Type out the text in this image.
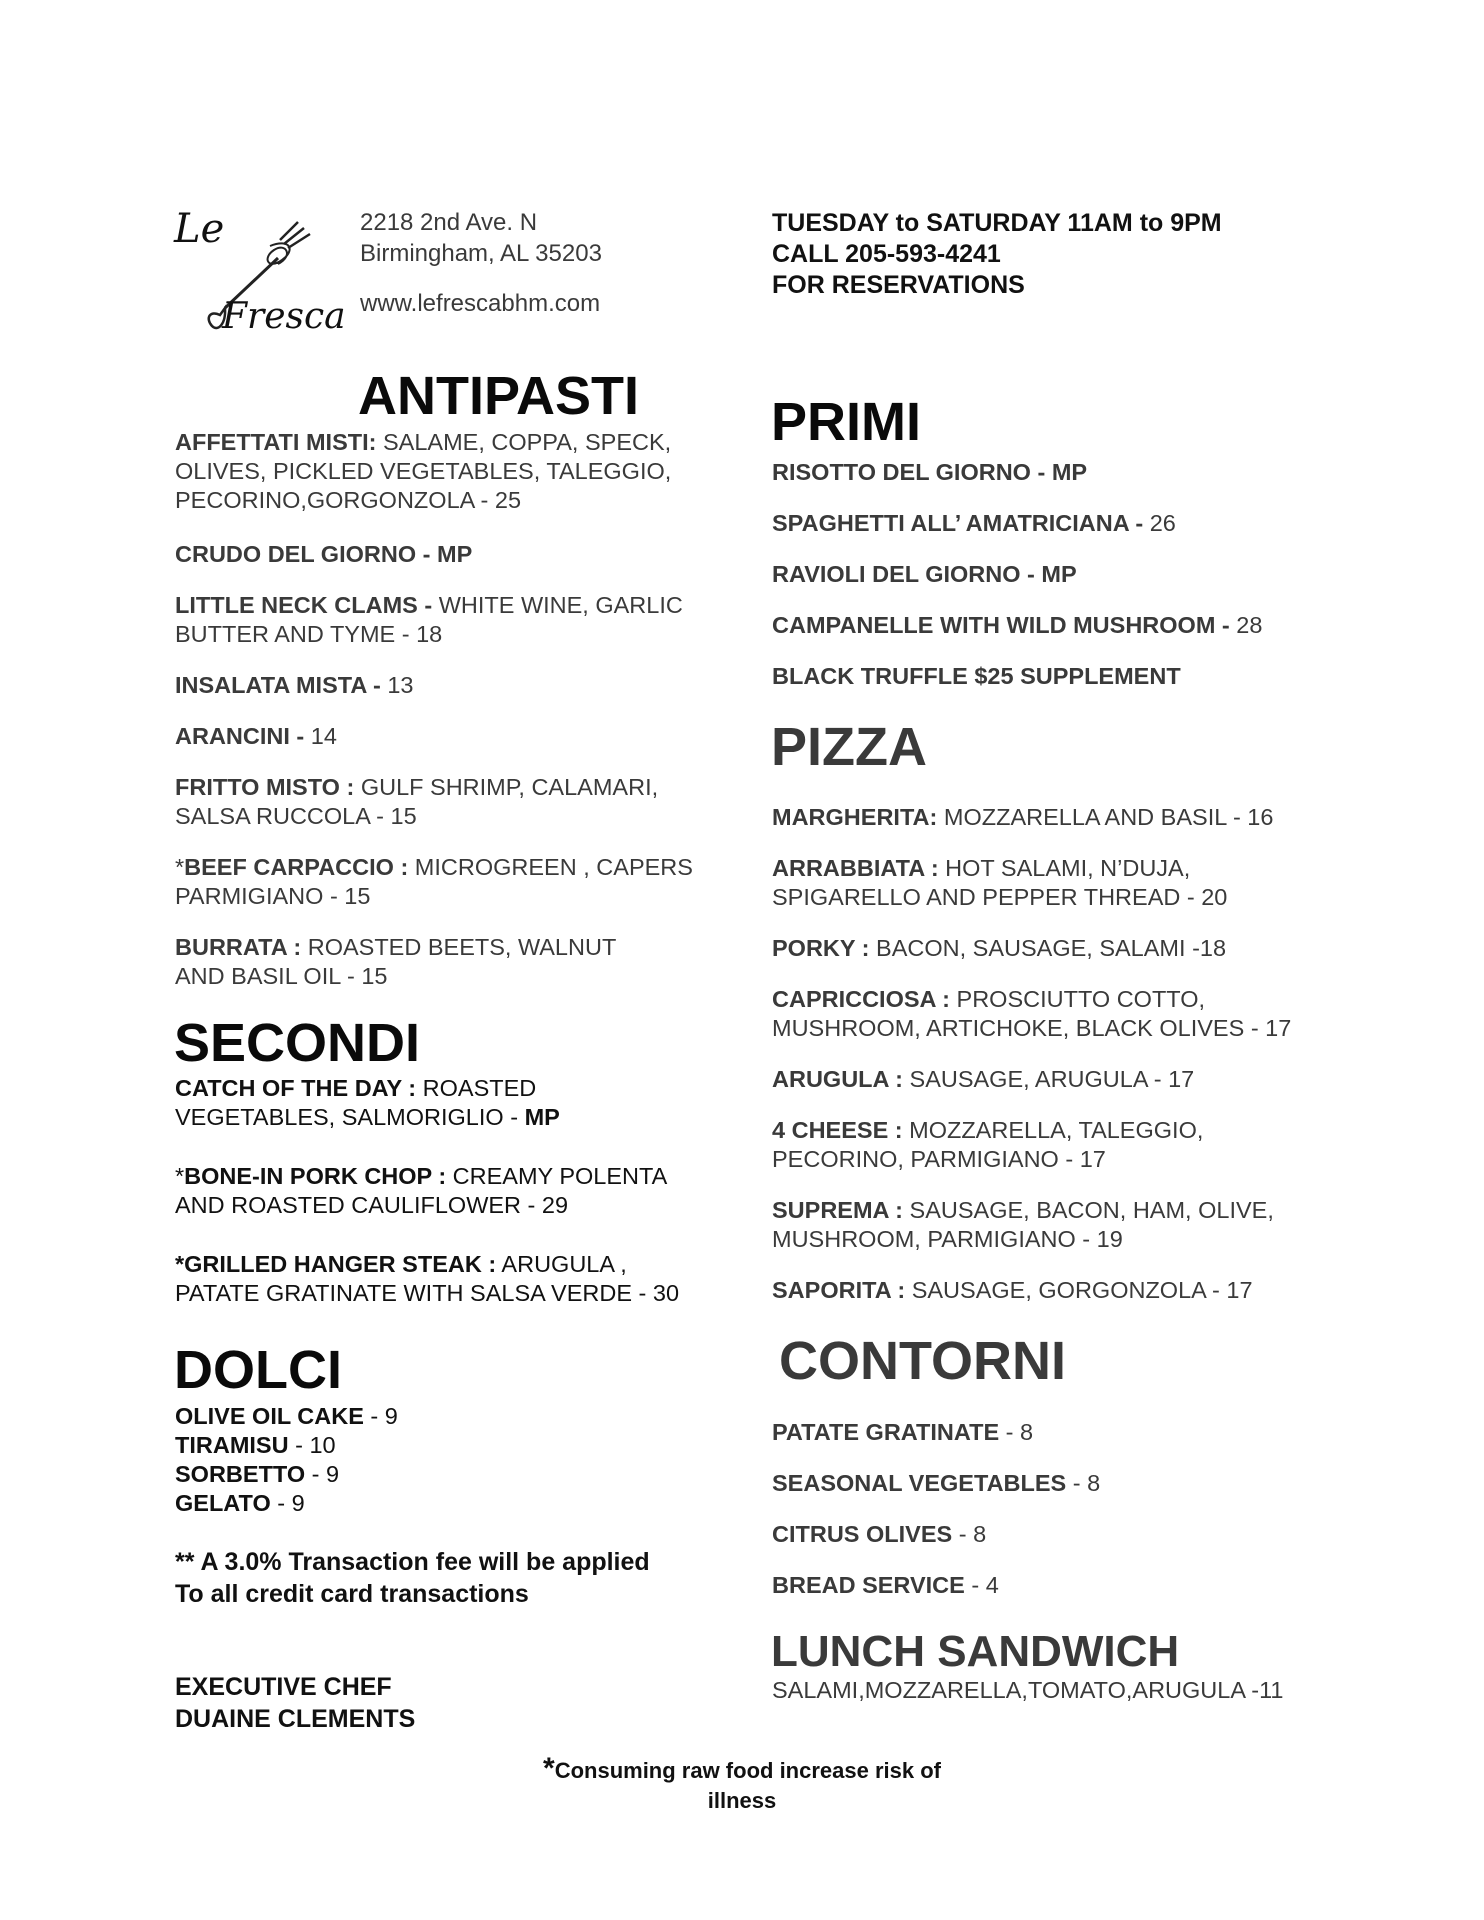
Le
Fresca
2218 2nd Ave. N
Birmingham, AL 35203
www.lefrescabhm.com
TUESDAY to SATURDAY 11AM to 9PM
CALL 205-593-4241
FOR RESERVATIONS
ANTIPASTI
AFFETTATI MISTI: SALAME, COPPA, SPECK,
OLIVES, PICKLED VEGETABLES, TALEGGIO,
PECORINO,GORGONZOLA - 25
CRUDO DEL GIORNO - MP
LITTLE NECK CLAMS - WHITE WINE, GARLIC
BUTTER AND TYME - 18
INSALATA MISTA - 13
ARANCINI - 14
FRITTO MISTO : GULF SHRIMP, CALAMARI,
SALSA RUCCOLA - 15
*BEEF CARPACCIO : MICROGREEN , CAPERS
PARMIGIANO - 15
BURRATA : ROASTED BEETS, WALNUT
AND BASIL OIL - 15
SECONDI
CATCH OF THE DAY : ROASTED
VEGETABLES, SALMORIGLIO - MP
*BONE-IN PORK CHOP : CREAMY POLENTA
AND ROASTED CAULIFLOWER - 29
*GRILLED HANGER STEAK : ARUGULA ,
PATATE GRATINATE WITH SALSA VERDE - 30
DOLCI
OLIVE OIL CAKE - 9
TIRAMISU - 10
SORBETTO - 9
GELATO - 9
** A 3.0% Transaction fee will be applied
To all credit card transactions
EXECUTIVE CHEF
DUAINE CLEMENTS
PRIMI
RISOTTO DEL GIORNO - MP
SPAGHETTI ALL’ AMATRICIANA - 26
RAVIOLI DEL GIORNO - MP
CAMPANELLE WITH WILD MUSHROOM - 28
BLACK TRUFFLE $25 SUPPLEMENT
PIZZA
MARGHERITA: MOZZARELLA AND BASIL - 16
ARRABBIATA : HOT SALAMI, N’DUJA,
SPIGARELLO AND PEPPER THREAD - 20
PORKY : BACON, SAUSAGE, SALAMI -18
CAPRICCIOSA : PROSCIUTTO COTTO,
MUSHROOM, ARTICHOKE, BLACK OLIVES - 17
ARUGULA : SAUSAGE, ARUGULA - 17
4 CHEESE : MOZZARELLA, TALEGGIO,
PECORINO, PARMIGIANO - 17
SUPREMA : SAUSAGE, BACON, HAM, OLIVE,
MUSHROOM, PARMIGIANO - 19
SAPORITA : SAUSAGE, GORGONZOLA - 17
CONTORNI
PATATE GRATINATE - 8
SEASONAL VEGETABLES - 8
CITRUS OLIVES - 8
BREAD SERVICE - 4
LUNCH SANDWICH
SALAMI,MOZZARELLA,TOMATO,ARUGULA -11
*Consuming raw food increase risk of
illness
